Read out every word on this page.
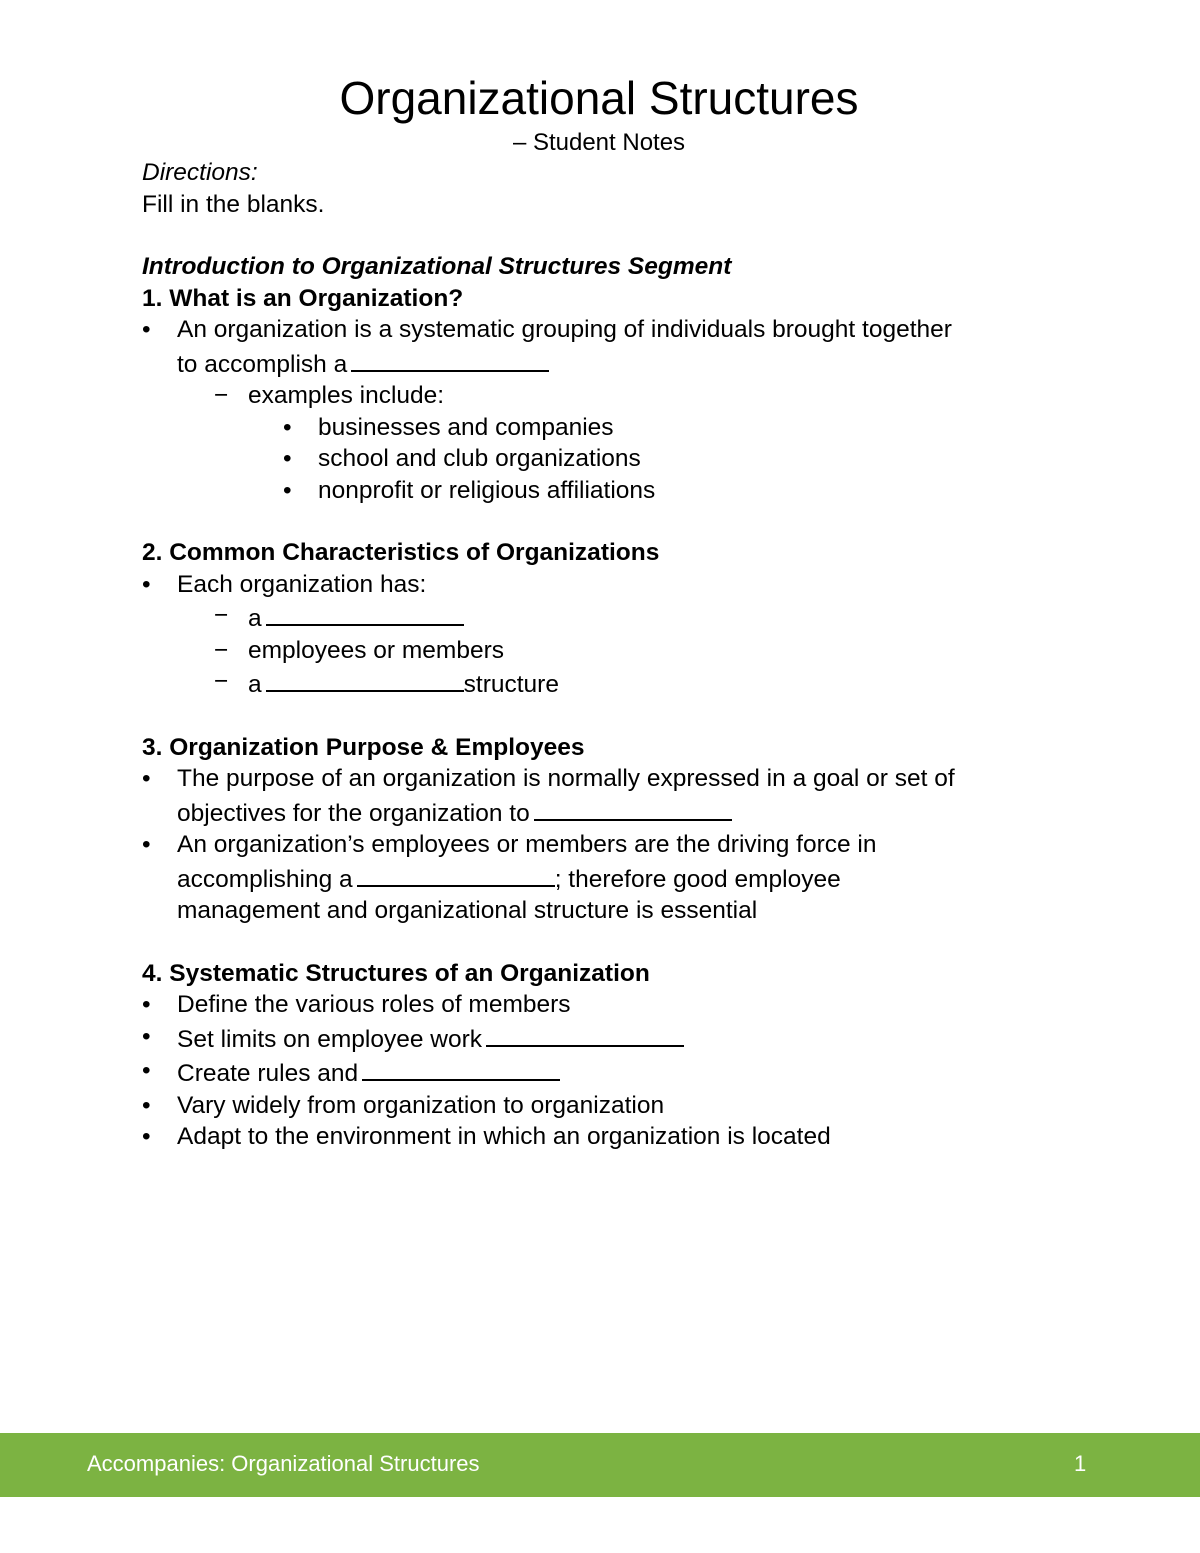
Organizational Structures
– Student Notes

Directions:

Fill in the blanks.

Introduction to Organizational Structures Segment

1. What is an Organization?

• An organization is a systematic grouping of individuals brought together

to accomplish a

− examples include:

• businesses and companies

• school and club organizations

• nonprofit or religious affiliations

2. Common Characteristics of Organizations

• Each organization has:

− a

− employees or members

− a	structure

3. Organization Purpose & Employees

• The purpose of an organization is normally expressed in a goal or set of

objectives for the organization to

• An organization’s employees or members are the driving force in

accomplishing a	; therefore good employee

management and organizational structure is essential

4. Systematic Structures of an Organization

• Define the various roles of members

• Set limits on employee work

• Create rules and

• Vary widely from organization to organization

• Adapt to the environment in which an organization is located

Accompanies: Organizational Structures	1
